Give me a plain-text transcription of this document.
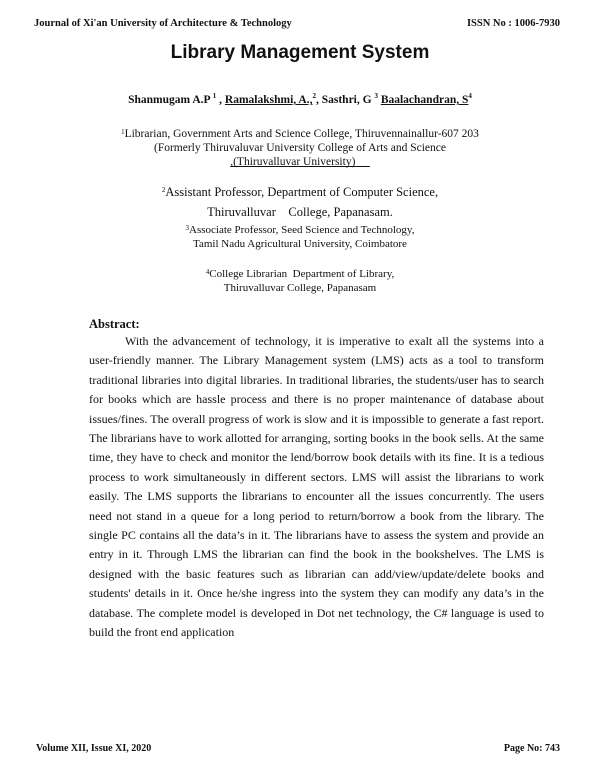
Journal of Xi'an University of Architecture & Technology	ISSN No : 1006-7930
Library Management System
Shanmugam A.P $^1$ , Ramalakshmi, A.,$^2$, Sasthri, G $^3$ Baalachandran, $S^4$
$^1$Librarian, Government Arts and Science College, Thiruvennainallur-607 203
(Formerly Thiruvaluvar University College of Arts and Science
,(Thiruvalluvar University)
$^2$Assistant Professor, Department of Computer Science,
Thiruvalluvar    College, Papanasam.
$^3$Associate Professor, Seed Science and Technology,
Tamil Nadu Agricultural University, Coimbatore
$^4$College Librarian  Department of Library,
Thiruvalluvar College, Papanasam
Abstract:

With the advancement of technology, it is imperative to exalt all the systems into a user-friendly manner. The Library Management system (LMS) acts as a tool to transform traditional libraries into digital libraries. In traditional libraries, the students/user has to search for books which are hassle process and there is no proper maintenance of database about issues/fines. The overall progress of work is slow and it is impossible to generate a fast report. The librarians have to work allotted for arranging, sorting books in the book sells. At the same time, they have to check and monitor the lend/borrow book details with its fine. It is a tedious process to work simultaneously in different sectors. LMS will assist the librarians to work easily. The LMS supports the librarians to encounter all the issues concurrently. The users need not stand in a queue for a long period to return/borrow a book from the library. The single PC contains all the data’s in it. The librarians have to assess the system and provide an entry in it. Through LMS the librarian can find the book in the bookshelves. The LMS is designed with the basic features such as librarian can add/view/update/delete books and students' details in it. Once he/she ingress into the system they can modify any data’s in the database. The complete model is developed in Dot net technology, the C# language is used to build the front end application

Volume XII, Issue XI, 2020	Page No: 743
